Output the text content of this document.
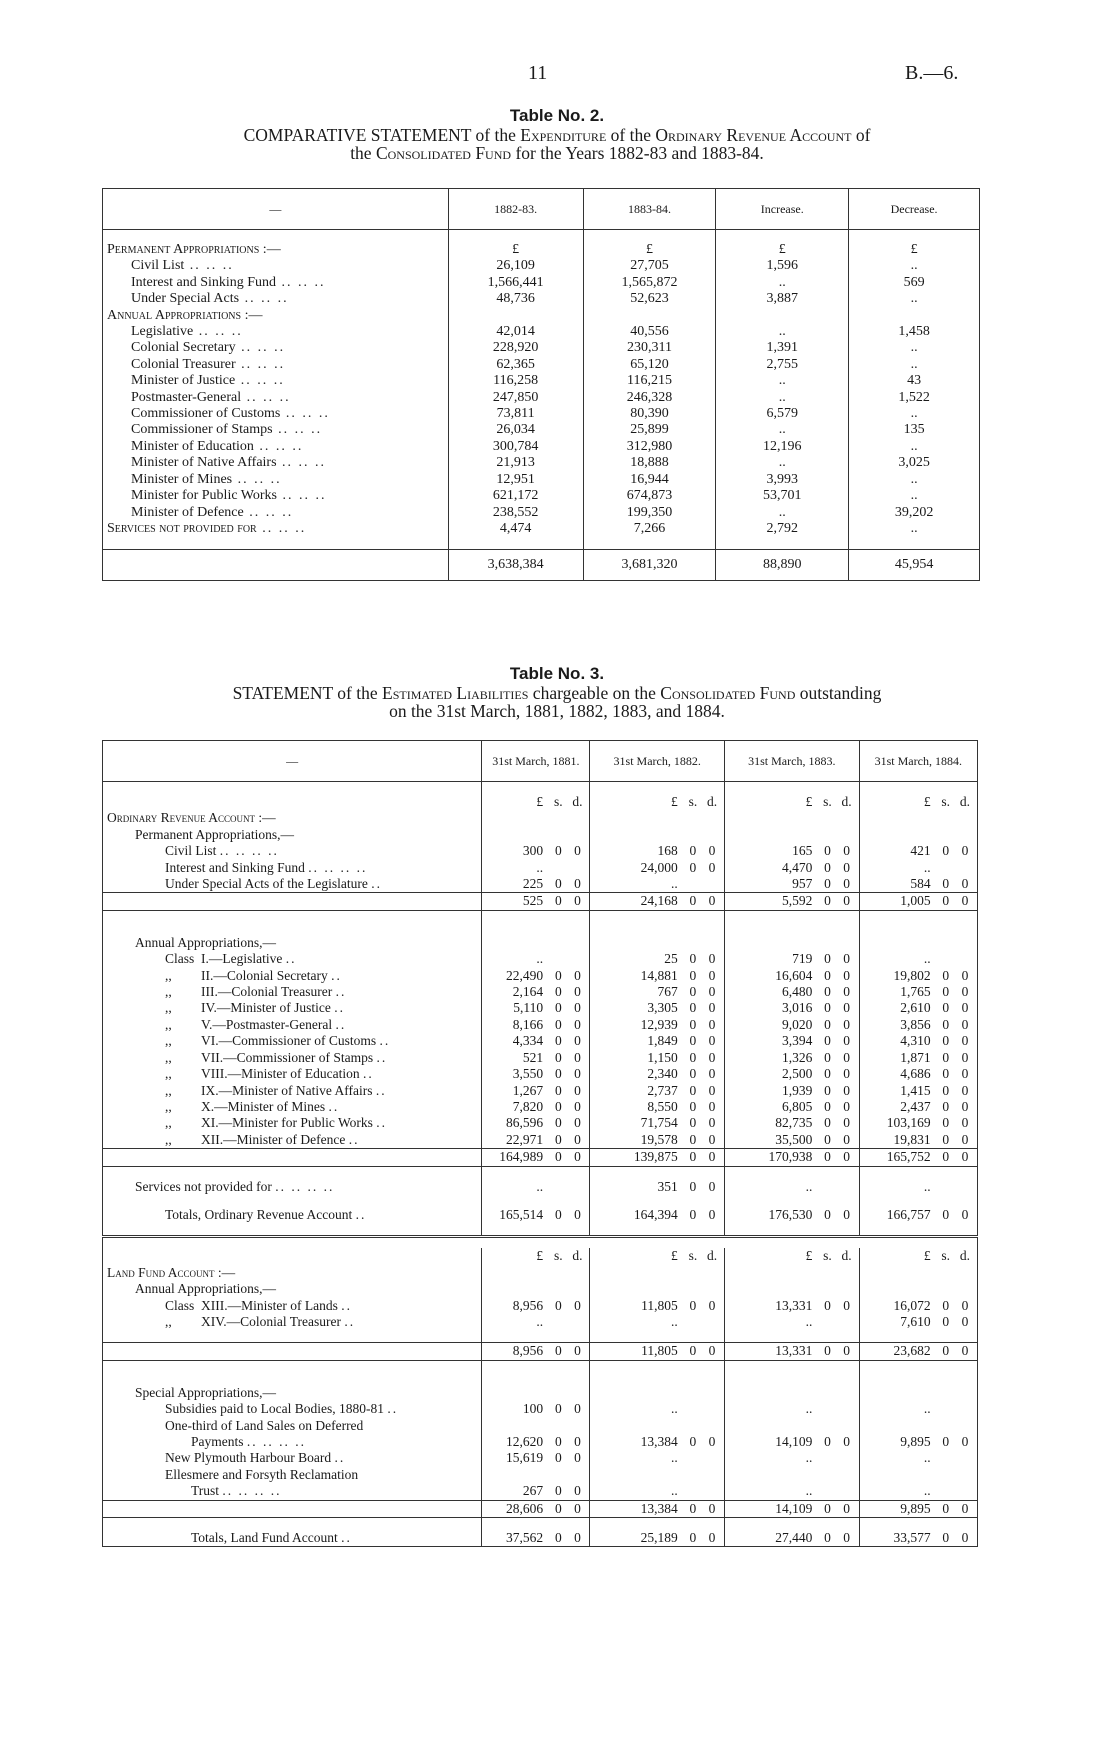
11	B.—6.
Table No. 2.
COMPARATIVE STATEMENT of the Expenditure of the Ordinary Revenue Account of
the Consolidated Fund for the Years 1882-83 and 1883-84.
—	1882-83.	1883-84.	Increase.	Decrease.

Permanent Appropriations :—	£	£	£	£
Civil List .. .. ..	26,109	27,705	1,596	..
Interest and Sinking Fund .. .. ..	1,566,441	1,565,872	..	569
Under Special Acts .. .. ..	48,736	52,623	3,887	..
Annual Appropriations :—				
Legislative .. .. ..	42,014	40,556	..	1,458
Colonial Secretary .. .. ..	228,920	230,311	1,391	..
Colonial Treasurer .. .. ..	62,365	65,120	2,755	..
Minister of Justice .. .. ..	116,258	116,215	..	43
Postmaster-General .. .. ..	247,850	246,328	..	1,522
Commissioner of Customs .. .. ..	73,811	80,390	6,579	..
Commissioner of Stamps .. .. ..	26,034	25,899	..	135
Minister of Education .. .. ..	300,784	312,980	12,196	..
Minister of Native Affairs .. .. ..	21,913	18,888	..	3,025
Minister of Mines .. .. ..	12,951	16,944	3,993	..
Minister for Public Works .. .. ..	621,172	674,873	53,701	..
Minister of Defence .. .. ..	238,552	199,350	..	39,202
Services not provided for .. .. ..	4,474	7,266	2,792	..

	3,638,384	3,681,320	88,890	45,954
Table No. 3.
STATEMENT of the Estimated Liabilities chargeable on the Consolidated Fund outstanding
on the 31st March, 1881, 1882, 1883, and 1884.
—	31st March, 1881.			31st March, 1882.			31st March, 1883.			31st March, 1884.		

	£	s.	d.	£	s.	d.	£	s.	d.	£	s.	d.
Ordinary Revenue Account :—												
Permanent Appropriations,—												
Civil List .. .. .. ..	300	0	0	168	0	0	165	0	0	421	0	0
Interest and Sinking Fund .. .. .. ..	..			24,000	0	0	4,470	0	0	..		
Under Special Acts of the Legislature ..	225	0	0	..			957	0	0	584	0	0
	525	0	0	24,168	0	0	5,592	0	0	1,005	0	0

Annual Appropriations,—												
Class I.—Legislative ..	..			25	0	0	719	0	0	..		
,, II.—Colonial Secretary ..	22,490	0	0	14,881	0	0	16,604	0	0	19,802	0	0
,, III.—Colonial Treasurer ..	2,164	0	0	767	0	0	6,480	0	0	1,765	0	0
,, IV.—Minister of Justice ..	5,110	0	0	3,305	0	0	3,016	0	0	2,610	0	0
,, V.—Postmaster-General ..	8,166	0	0	12,939	0	0	9,020	0	0	3,856	0	0
,, VI.—Commissioner of Customs ..	4,334	0	0	1,849	0	0	3,394	0	0	4,310	0	0
,, VII.—Commissioner of Stamps ..	521	0	0	1,150	0	0	1,326	0	0	1,871	0	0
,, VIII.—Minister of Education ..	3,550	0	0	2,340	0	0	2,500	0	0	4,686	0	0
,, IX.—Minister of Native Affairs ..	1,267	0	0	2,737	0	0	1,939	0	0	1,415	0	0
,, X.—Minister of Mines ..	7,820	0	0	8,550	0	0	6,805	0	0	2,437	0	0
,, XI.—Minister for Public Works ..	86,596	0	0	71,754	0	0	82,735	0	0	103,169	0	0
,, XII.—Minister of Defence ..	22,971	0	0	19,578	0	0	35,500	0	0	19,831	0	0
	164,989	0	0	139,875	0	0	170,938	0	0	165,752	0	0

Services not provided for .. .. .. ..	..			351	0	0	..			..		

Totals, Ordinary Revenue Account ..	165,514	0	0	164,394	0	0	176,530	0	0	166,757	0	0

	£	s.	d.	£	s.	d.	£	s.	d.	£	s.	d.
Land Fund Account :—												
Annual Appropriations,—												
Class XIII.—Minister of Lands ..	8,956	0	0	11,805	0	0	13,331	0	0	16,072	0	0
,, XIV.—Colonial Treasurer ..	..			..			..			7,610	0	0

	8,956	0	0	11,805	0	0	13,331	0	0	23,682	0	0

Special Appropriations,—												
Subsidies paid to Local Bodies, 1880-81 ..	100	0	0	..			..			..		
One-third of Land Sales on Deferred												
Payments .. .. .. ..	12,620	0	0	13,384	0	0	14,109	0	0	9,895	0	0
New Plymouth Harbour Board ..	15,619	0	0	..			..			..		
Ellesmere and Forsyth Reclamation												
Trust .. .. .. ..	267	0	0	..			..			..		
	28,606	0	0	13,384	0	0	14,109	0	0	9,895	0	0

Totals, Land Fund Account ..	37,562	0	0	25,189	0	0	27,440	0	0	33,577	0	0
